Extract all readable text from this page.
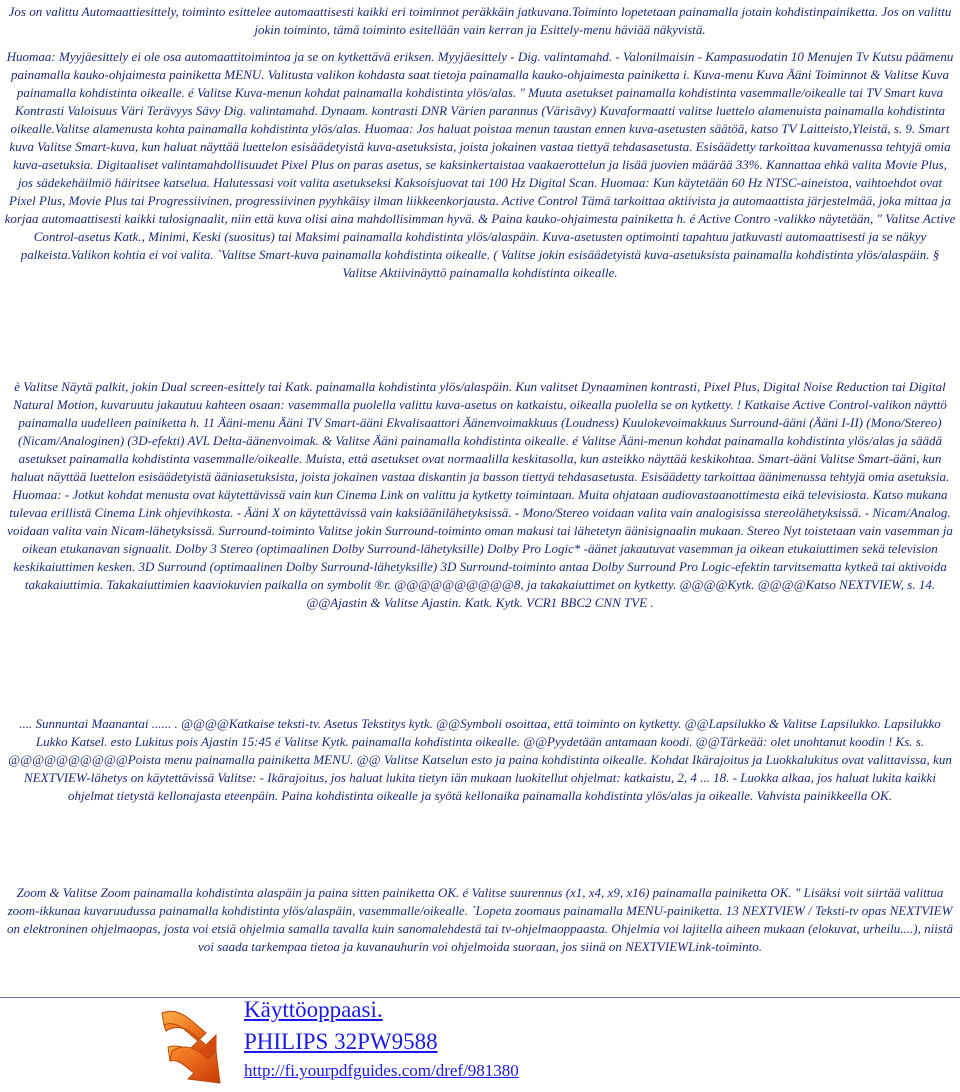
Jos on valittu Automaattiesittely, toiminto esittelee automaattisesti kaikki eri toiminnot peräkkäin jatkuvana.Toiminto lopetetaan painamalla jotain kohdistinpainiketta. Jos on valittu jokin toiminto, tämä toiminto esitellään vain kerran ja Esittely-menu häviää näkyvistä.

Huomaa: Myyjäesittely ei ole osa automaattitoimintoa ja se on kytkettävä eriksen. Myyjäesittely - Dig. valintamahd. - Valonilmaisin - Kampasuodatin 10 Menujen Tv Kutsu päämenu painamalla kauko-ohjaimesta painiketta MENU. Valitusta valikon kohdasta saat tietoja painamalla kauko-ohjaimesta painiketta i. Kuva-menu Kuva Ääni Toiminnot & Valitse Kuva painamalla kohdistinta oikealle. é Valitse Kuva-menun kohdat painamalla kohdistinta ylös/alas. " Muuta asetukset painamalla kohdistinta vasemmalle/oikealle tai TV Smart kuva Kontrasti Valoisuus Väri Terävyys Sävy Dig. valintamahd. Dynaam. kontrasti DNR Värien parannus (Värisävy) Kuvaformaatti valitse luettelo alamenuista painamalla kohdistinta oikealle.Valitse alamenusta kohta painamalla kohdistinta ylös/alas. Huomaa: Jos haluat poistaa menun taustan ennen kuva-asetusten säätöä, katso TV Laitteisto,Yleistä, s. 9. Smart kuva Valitse Smart-kuva, kun haluat näyttää luettelon esisäädetyistä kuva-asetuksista, joista jokainen vastaa tiettyä tehdasasetusta. Esisäädetty tarkoittaa kuvamenussa tehtyjä omia kuva-asetuksia. Digitaaliset valintamahdollisuudet Pixel Plus on paras asetus, se kaksinkertaistaa vaakaerottelun ja lisää juovien määrää 33%. Kannattaa ehkä valita Movie Plus, jos sädekehäilmiö häiritsee katselua. Halutessasi voit valita asetukseksi Kaksoisjuovat tai 100 Hz Digital Scan. Huomaa: Kun käytetään 60 Hz NTSC-aineistoa, vaihtoehdot ovat Pixel Plus, Movie Plus tai Progressiivinen, progressiivinen pyyhkäisy ilman liikkeenkorjausta. Active Control Tämä tarkoittaa aktiivista ja automaattista järjestelmää, joka mittaa ja korjaa automaattisesti kaikki tulosignaalit, niin että kuva olisi aina mahdollisimman hyvä. & Paina kauko-ohjaimesta painiketta h. é Active Contro -valikko näytetään, " Valitse Active Control-asetus Katk., Minimi, Keski (suositus) tai Maksimi painamalla kohdistinta ylös/alaspäin. Kuva-asetusten optimointi tapahtuu jatkuvasti automaattisesti ja se näkyy palkeista.Valikon kohtia ei voi valita. `Valitse Smart-kuva painamalla kohdistinta oikealle. ( Valitse jokin esisäädetyistä kuva-asetuksista painamalla kohdistinta ylös/alaspäin. § Valitse Aktiivinäyttö painamalla kohdistinta oikealle.

è Valitse Näytä palkit, jokin Dual screen-esittely tai Katk. painamalla kohdistinta ylös/alaspäin. Kun valitset Dynaaminen kontrasti, Pixel Plus, Digital Noise Reduction tai Digital Natural Motion, kuvaruutu jakautuu kahteen osaan: vasemmalla puolella valittu kuva-asetus on katkaistu, oikealla puolella se on kytketty. ! Katkaise Active Control-valikon näyttö painamalla uudelleen painiketta h. 11 Ääni-menu Ääni TV Smart-ääni Ekvalisaattori Äänenvoimakkuus (Loudness) Kuulokevoimakkuus Surround-ääni (Ääni I-II) (Mono/Stereo) (Nicam/Analoginen) (3D-efekti) AVL Delta-äänenvoimak. & Valitse Ääni painamalla kohdistinta oikealle. é Valitse Ääni-menun kohdat painamalla kohdistinta ylös/alas ja säädä asetukset painamalla kohdistinta vasemmalle/oikealle. Muista, että asetukset ovat normaalilla keskitasolla, kun asteikko näyttää keskikohtaa. Smart-ääni Valitse Smart-ääni, kun haluat näyttää luettelon esisäädetyistä ääniasetuksista, joista jokainen vastaa diskantin ja basson tiettyä tehdasasetusta. Esisäädetty tarkoittaa äänimenussa tehtyjä omia asetuksia. Huomaa: - Jotkut kohdat menusta ovat käytettävissä vain kun Cinema Link on valittu ja kytketty toimintaan. Muita ohjataan audiovastaanottimesta eikä televisiosta. Katso mukana tulevaa erillistä Cinema Link ohjevihkosta. - Ääni X on käytettävissä vain kaksiäänilähetyksissä. - Mono/Stereo voidaan valita vain analogisissa stereolähetyksissä. - Nicam/Analog. voidaan valita vain Nicam-lähetyksissä. Surround-toiminto Valitse jokin Surround-toiminto oman makusi tai lähetetyn äänisignaalin mukaan. Stereo Nyt toistetaan vain vasemman ja oikean etukanavan signaalit. Dolby 3 Stereo (optimaalinen Dolby Surround-lähetyksille) Dolby Pro Logic* -äänet jakautuvat vasemman ja oikean etukaiuttimen sekä television keskikaiuttimen kesken. 3D Surround (optimaalinen Dolby Surround-lähetyksille) 3D Surround-toiminto antaa Dolby Surround Pro Logic-efektin tarvitsematta kytkeä tai aktivoida takakaiuttimia. Takakaiuttimien kaaviokuvien paikalla on symbolit ®r. @@@@@@@@@@8, ja takakaiuttimet on kytketty. @@@@Kytk. @@@@Katso NEXTVIEW, s. 14. @@Ajastin & Valitse Ajastin. Katk. Kytk. VCR1 BBC2 CNN TVE .

.... Sunnuntai Maanantai ...... . @@@@Katkaise teksti-tv. Asetus Tekstitys kytk. @@Symboli osoittaa, että toiminto on kytketty. @@Lapsilukko & Valitse Lapsilukko. Lapsilukko Lukko Katsel. esto Lukitus pois Ajastin 15:45 é Valitse Kytk. painamalla kohdistinta oikealle. @@Pyydetään antamaan koodi. @@Tärkeää: olet unohtanut koodin ! Ks. s. @@@@@@@@@@Poista menu painamalla painiketta MENU. @@ Valitse Katselun esto ja paina kohdistinta oikealle. Kohdat Ikärajoitus ja Luokkalukitus ovat valittavissa, kun NEXTVIEW-lähetys on käytettävissä Valitse: - Ikärajoitus, jos haluat lukita tietyn iän mukaan luokitellut ohjelmat: katkaistu, 2, 4 ... 18. - Luokka alkaa, jos haluat lukita kaikki ohjelmat tietystä kellonajasta eteenpäin. Paina kohdistinta oikealle ja syötä kellonaika painamalla kohdistinta ylös/alas ja oikealle. Vahvista painikkeella OK.

Zoom & Valitse Zoom painamalla kohdistinta alaspäin ja paina sitten painiketta OK. é Valitse suurennus (x1, x4, x9, x16) painamalla painiketta OK. " Lisäksi voit siirtää valittua zoom-ikkunaa kuvaruudussa painamalla kohdistinta ylös/alaspäin, vasemmalle/oikealle. `Lopeta zoomaus painamalla MENU-painiketta. 13 NEXTVIEW / Teksti-tv opas NEXTVIEW on elektroninen ohjelmaopas, josta voi etsiä ohjelmia samalla tavalla kuin sanomalehdestä tai tv-ohjelmaoppaasta. Ohjelmia voi lajitella aiheen mukaan (elokuvat, urheilu....), niistä voi saada tarkempaa tietoa ja kuvanauhurin voi ohjelmoida suoraan, jos siinä on NEXTVIEWLink-toiminto.

Käyttöoppaasi.
PHILIPS 32PW9588
http://fi.yourpdfguides.com/dref/981380
